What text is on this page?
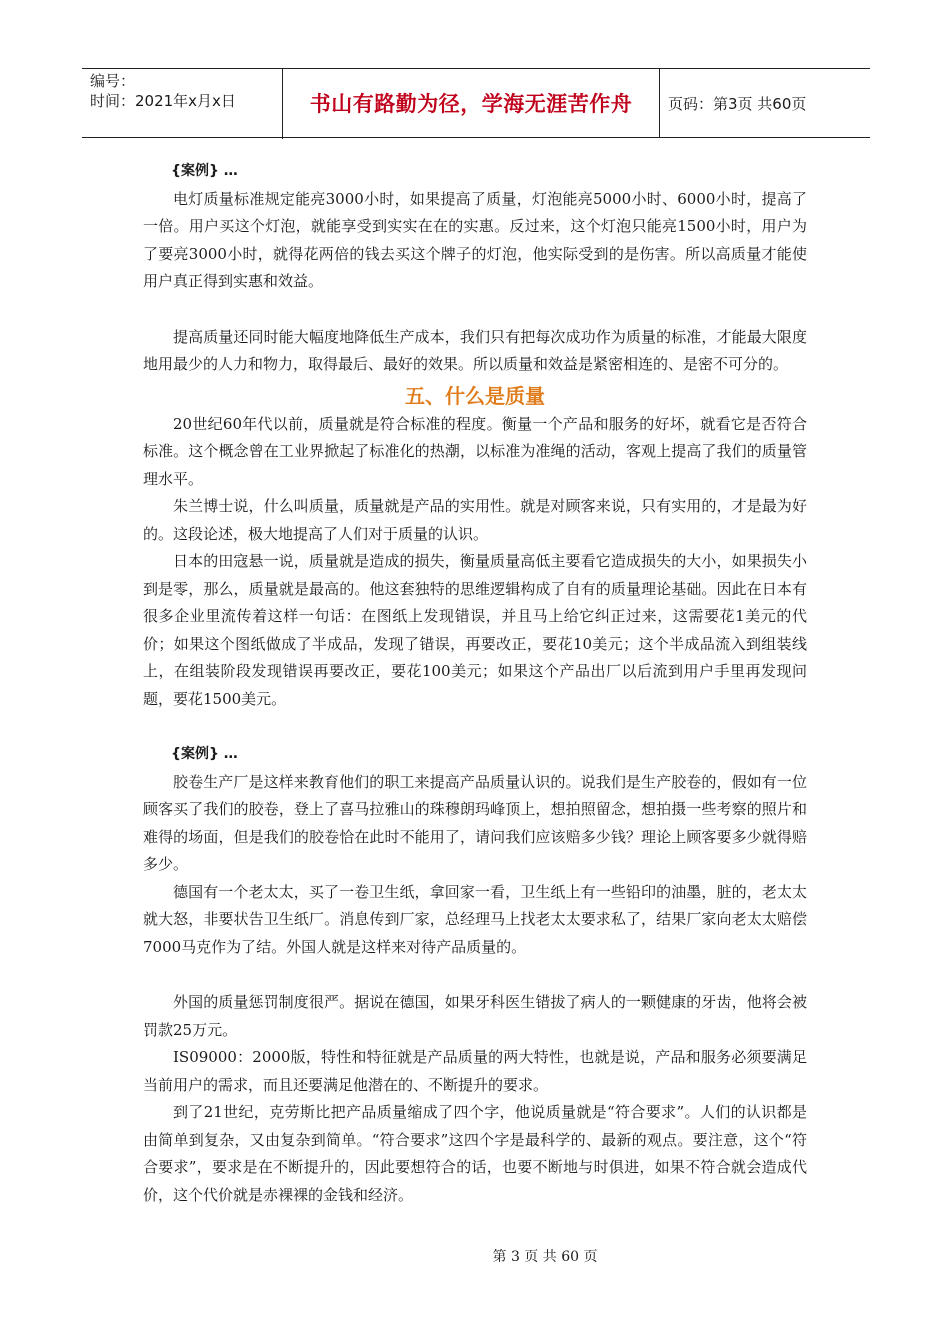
编号：
时间：2021年x月x日	书山有路勤为径，学海无涯苦作舟	页码：第3页 共60页
{案例} …

电灯质量标准规定能亮3000小时，如果提高了质量，灯泡能亮5000小时、6000小时，提高了一倍。用户买这个灯泡，就能享受到实实在在的实惠。反过来，这个灯泡只能亮1500小时，用户为了要亮3000小时，就得花两倍的钱去买这个牌子的灯泡，他实际受到的是伤害。所以高质量才能使用户真正得到实惠和效益。

提高质量还同时能大幅度地降低生产成本，我们只有把每次成功作为质量的标准，才能最大限度地用最少的人力和物力，取得最后、最好的效果。所以质量和效益是紧密相连的、是密不可分的。

五、什么是质量

20世纪60年代以前，质量就是符合标准的程度。衡量一个产品和服务的好坏，就看它是否符合标准。这个概念曾在工业界掀起了标准化的热潮，以标准为准绳的活动，客观上提高了我们的质量管理水平。

朱兰博士说，什么叫质量，质量就是产品的实用性。就是对顾客来说，只有实用的，才是最为好的。这段论述，极大地提高了人们对于质量的认识。

日本的田寇悬一说，质量就是造成的损失，衡量质量高低主要看它造成损失的大小，如果损失小到是零，那么，质量就是最高的。他这套独特的思维逻辑构成了自有的质量理论基础。因此在日本有很多企业里流传着这样一句话：在图纸上发现错误，并且马上给它纠正过来，这需要花1美元的代价；如果这个图纸做成了半成品，发现了错误，再要改正，要花10美元；这个半成品流入到组装线上，在组装阶段发现错误再要改正，要花100美元；如果这个产品出厂以后流到用户手里再发现问题，要花1500美元。

{案例} …

胶卷生产厂是这样来教育他们的职工来提高产品质量认识的。说我们是生产胶卷的，假如有一位顾客买了我们的胶卷，登上了喜马拉雅山的珠穆朗玛峰顶上，想拍照留念，想拍摄一些考察的照片和难得的场面，但是我们的胶卷恰在此时不能用了，请问我们应该赔多少钱？理论上顾客要多少就得赔多少。

德国有一个老太太，买了一卷卫生纸，拿回家一看，卫生纸上有一些铅印的油墨，脏的，老太太就大怒，非要状告卫生纸厂。消息传到厂家，总经理马上找老太太要求私了，结果厂家向老太太赔偿7000马克作为了结。外国人就是这样来对待产品质量的。

外国的质量惩罚制度很严。据说在德国，如果牙科医生错拔了病人的一颗健康的牙齿，他将会被罚款25万元。

IS09000：2000版，特性和特征就是产品质量的两大特性，也就是说，产品和服务必须要满足当前用户的需求，而且还要满足他潜在的、不断提升的要求。

到了21世纪，克劳斯比把产品质量缩成了四个字，他说质量就是“符合要求”。人们的认识都是由简单到复杂，又由复杂到简单。“符合要求”这四个字是最科学的、最新的观点。要注意，这个“符合要求”，要求是在不断提升的，因此要想符合的话，也要不断地与时俱进，如果不符合就会造成代价，这个代价就是赤裸裸的金钱和经济。

第 3 页 共 60 页
